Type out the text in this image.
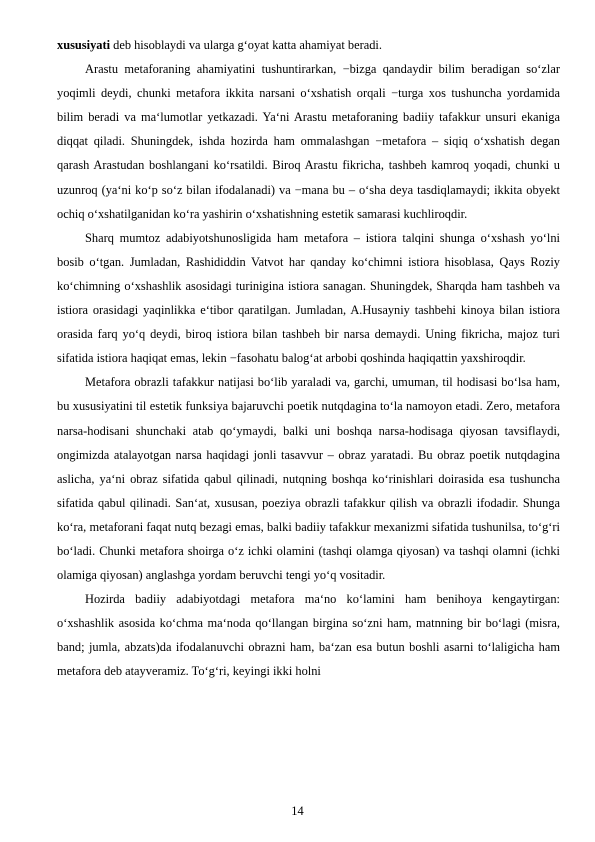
xususiyati deb hisoblaydi va ularga g‘oyat katta ahamiyat beradi.

Arastu metaforaning ahamiyatini tushuntirarkan, −bizga qandaydir bilim beradigan so‘zlar yoqimli deydi, chunki metafora ikkita narsani o‘xshatish orqali −turga xos tushuncha yordamida bilim beradi va ma‘lumotlar yetkazadi. Ya‘ni Arastu metaforaning badiiy tafakkur unsuri ekaniga diqqat qiladi. Shuningdek, ishda hozirda ham ommalashgan −metafora – siqiq o‘xshatish degan qarash Arastudan boshlangani ko‘rsatildi. Biroq Arastu fikricha, tashbeh kamroq yoqadi, chunki u uzunroq (ya‘ni ko‘p so‘z bilan ifodalanadi) va −mana bu – o‘sha deya tasdiqlamaydi; ikkita obyekt ochiq o‘xshatilganidan ko‘ra yashirin o‘xshatishning estetik samarasi kuchliroqdir.

Sharq mumtoz adabiyotshunosligida ham metafora – istiora talqini shunga o‘xshash yo‘lni bosib o‘tgan. Jumladan, Rashididdin Vatvot har qanday ko‘chimni istiora hisoblasa, Qays Roziy ko‘chimning o‘xshashlik asosidagi turinigina istiora sanagan. Shuningdek, Sharqda ham tashbeh va istiora orasidagi yaqinlikka e‘tibor qaratilgan. Jumladan, A.Husayniy tashbehi kinoya bilan istiora orasida farq yo‘q deydi, biroq istiora bilan tashbeh bir narsa demaydi. Uning fikricha, majoz turi sifatida istiora haqiqat emas, lekin −fasohatu balog‘at arbobi qoshinda haqiqattin yaxshiroqdir.

Metafora obrazli tafakkur natijasi bo‘lib yaraladi va, garchi, umuman, til hodisasi bo‘lsa ham, bu xususiyatini til estetik funksiya bajaruvchi poetik nutqdagina to‘la namoyon etadi. Zero, metafora narsa-hodisani shunchaki atab qo‘ymaydi, balki uni boshqa narsa-hodisaga qiyosan tavsiflaydi, ongimizda atalayotgan narsa haqidagi jonli tasavvur – obraz yaratadi. Bu obraz poetik nutqdagina aslicha, ya‘ni obraz sifatida qabul qilinadi, nutqning boshqa ko‘rinishlari doirasida esa tushuncha sifatida qabul qilinadi. San‘at, xususan, poeziya obrazli tafakkur qilish va obrazli ifodadir. Shunga ko‘ra, metaforani faqat nutq bezagi emas, balki badiiy tafakkur mexanizmi sifatida tushunilsa, to‘g‘ri bo‘ladi. Chunki metafora shoirga o‘z ichki olamini (tashqi olamga qiyosan) va tashqi olamni (ichki olamiga qiyosan) anglashga yordam beruvchi tengi yo‘q vositadir.

Hozirda badiiy adabiyotdagi metafora ma‘no ko‘lamini ham benihoya kengaytirgan: o‘xshashlik asosida ko‘chma ma‘noda qo‘llangan birgina so‘zni ham, matnning bir bo‘lagi (misra, band; jumla, abzats)da ifodalanuvchi obrazni ham, ba‘zan esa butun boshli asarni to‘laligicha ham metafora deb atayveramiz. To‘g‘ri, keyingi ikki holni

14
